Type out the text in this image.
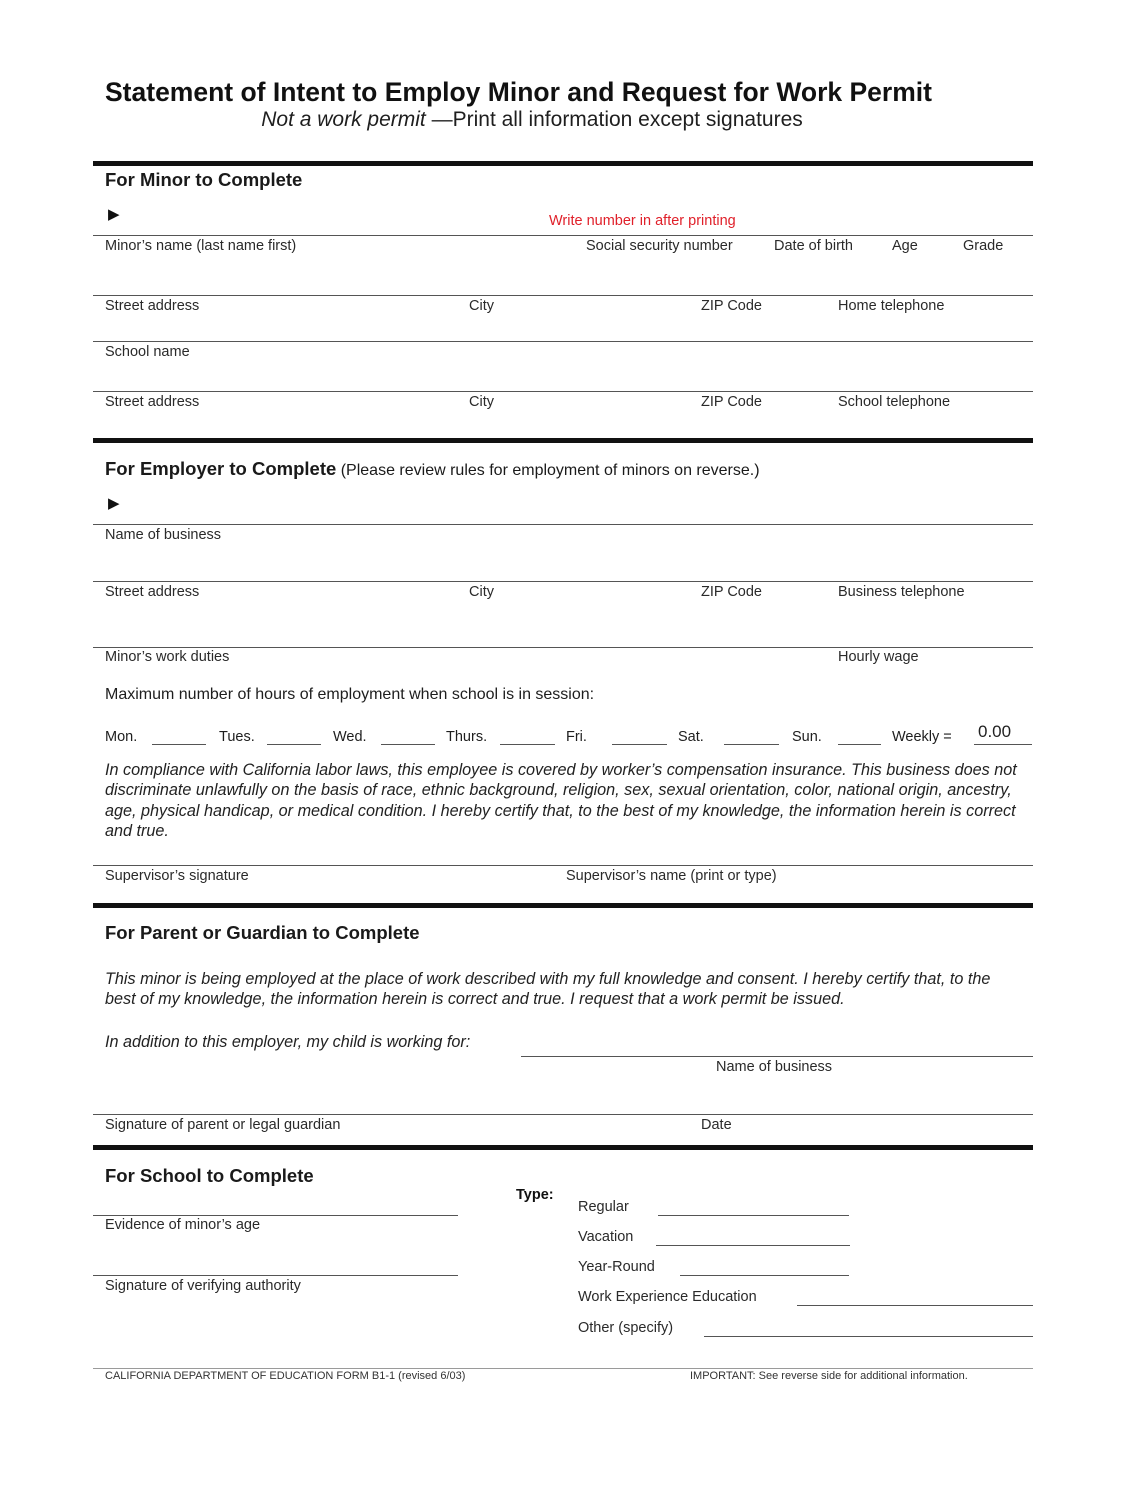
Statement of Intent to Employ Minor and Request for Work Permit
Not a work permit —Print all information except signatures
For Minor to Complete
▶	Write number in after printing
Minor’s name (last name first)	Social security number	Date of birth	Age	Grade
Street address	City	ZIP Code	Home telephone
School name
Street address	City	ZIP Code	School telephone
For Employer to Complete (Please review rules for employment of minors on reverse.)
▶
Name of business
Street address	City	ZIP Code	Business telephone
Minor’s work duties	Hourly wage
Maximum number of hours of employment when school is in session:
Mon.	Tues.	Wed.	Thurs.	Fri.	Sat.	Sun.	Weekly = 0.00
In compliance with California labor laws, this employee is covered by worker’s compensation insurance. This business does not discriminate unlawfully on the basis of race, ethnic background, religion, sex, sexual orientation, color, national origin, ancestry, age, physical handicap, or medical condition. I hereby certify that, to the best of my knowledge, the information herein is correct and true.
Supervisor’s signature	Supervisor’s name (print or type)
For Parent or Guardian to Complete
This minor is being employed at the place of work described with my full knowledge and consent. I hereby certify that, to the best of my knowledge, the information herein is correct and true. I request that a work permit be issued.
In addition to this employer, my child is working for:
Name of business
Signature of parent or legal guardian	Date
For School to Complete
Evidence of minor’s age
Signature of verifying authority
Type:
Regular
Vacation
Year-Round
Work Experience Education
Other (specify)
CALIFORNIA DEPARTMENT OF EDUCATION FORM B1-1 (revised 6/03)	IMPORTANT: See reverse side for additional information.
